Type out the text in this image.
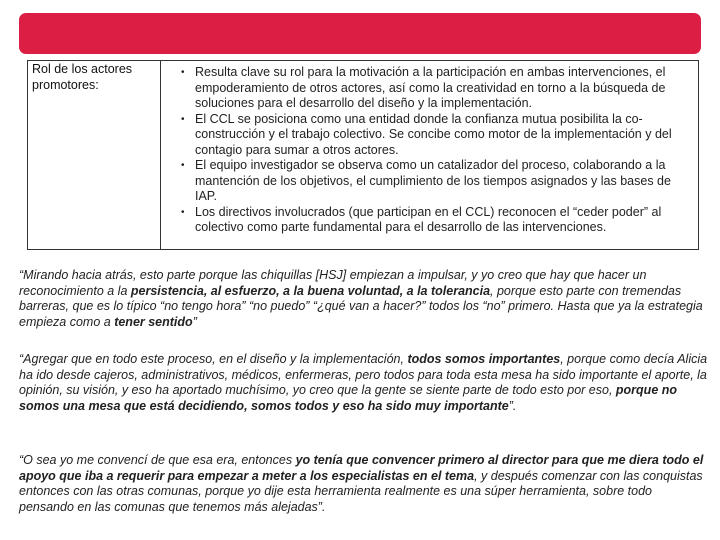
Rol de los actores promotores:
• Resulta clave su rol para la motivación a la participación en ambas intervenciones, el empoderamiento de otros actores, así como la creatividad en torno a la búsqueda de soluciones para el desarrollo del diseño y la implementación.
• El CCL se posiciona como una entidad donde la confianza mutua posibilita la co-construcción y el trabajo colectivo. Se concibe como motor de la implementación y del contagio para sumar a otros actores.
• El equipo investigador se observa como un catalizador del proceso, colaborando a la mantención de los objetivos, el cumplimiento de los tiempos asignados y las bases de IAP.
• Los directivos involucrados (que participan en el CCL) reconocen el “ceder poder” al colectivo como parte fundamental para el desarrollo de las intervenciones.

“Mirando hacia atrás, esto parte porque las chiquillas [HSJ] empiezan a impulsar, y yo creo que hay que hacer un reconocimiento a la persistencia, al esfuerzo, a la buena voluntad, a la tolerancia, porque esto parte con tremendas barreras, que es lo típico “no tengo hora” “no puedo” “¿qué van a hacer?” todos los “no” primero. Hasta que ya la estrategia empieza como a tener sentido”

“Agregar que en todo este proceso, en el diseño y la implementación, todos somos importantes, porque como decía Alicia ha ido desde cajeros, administrativos, médicos, enfermeras, pero todos para toda esta mesa ha sido importante el aporte, la opinión, su visión, y eso ha aportado muchísimo, yo creo que la gente se siente parte de todo esto por eso, porque no somos una mesa que está decidiendo, somos todos y eso ha sido muy importante”.

“O sea yo me convencí de que esa era, entonces yo tenía que convencer primero al director para que me diera todo el apoyo que iba a requerir para empezar a meter a los especialistas en el tema, y después comenzar con las conquistas entonces con las otras comunas, porque yo dije esta herramienta realmente es una súper herramienta, sobre todo pensando en las comunas que tenemos más alejadas”.
